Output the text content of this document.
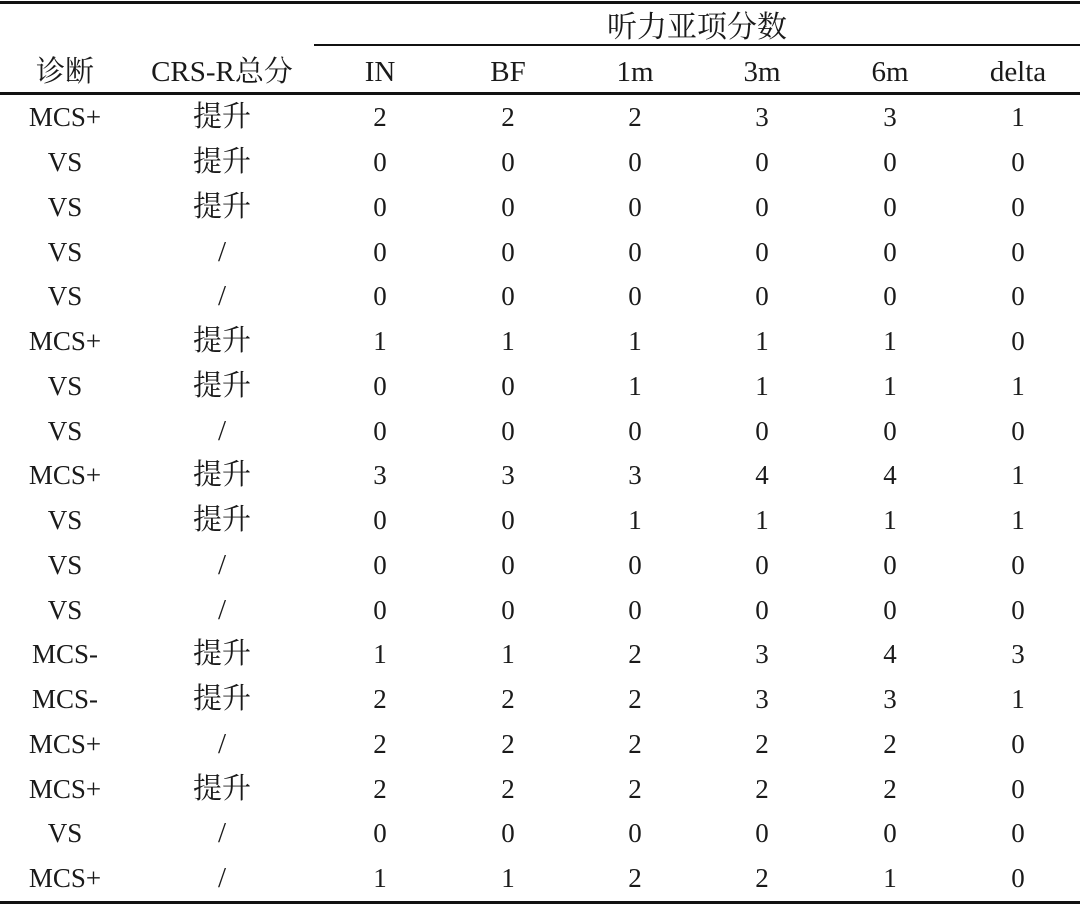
听力亚项分数
诊断	CRS-R总分	IN	BF	1m	3m	6m	delta
MCS+	提升	2	2	2	3	3	1
VS	提升	0	0	0	0	0	0
VS	提升	0	0	0	0	0	0
VS	/	0	0	0	0	0	0
VS	/	0	0	0	0	0	0
MCS+	提升	1	1	1	1	1	0
VS	提升	0	0	1	1	1	1
VS	/	0	0	0	0	0	0
MCS+	提升	3	3	3	4	4	1
VS	提升	0	0	1	1	1	1
VS	/	0	0	0	0	0	0
VS	/	0	0	0	0	0	0
MCS-	提升	1	1	2	3	4	3
MCS-	提升	2	2	2	3	3	1
MCS+	/	2	2	2	2	2	0
MCS+	提升	2	2	2	2	2	0
VS	/	0	0	0	0	0	0
MCS+	/	1	1	2	2	1	0
